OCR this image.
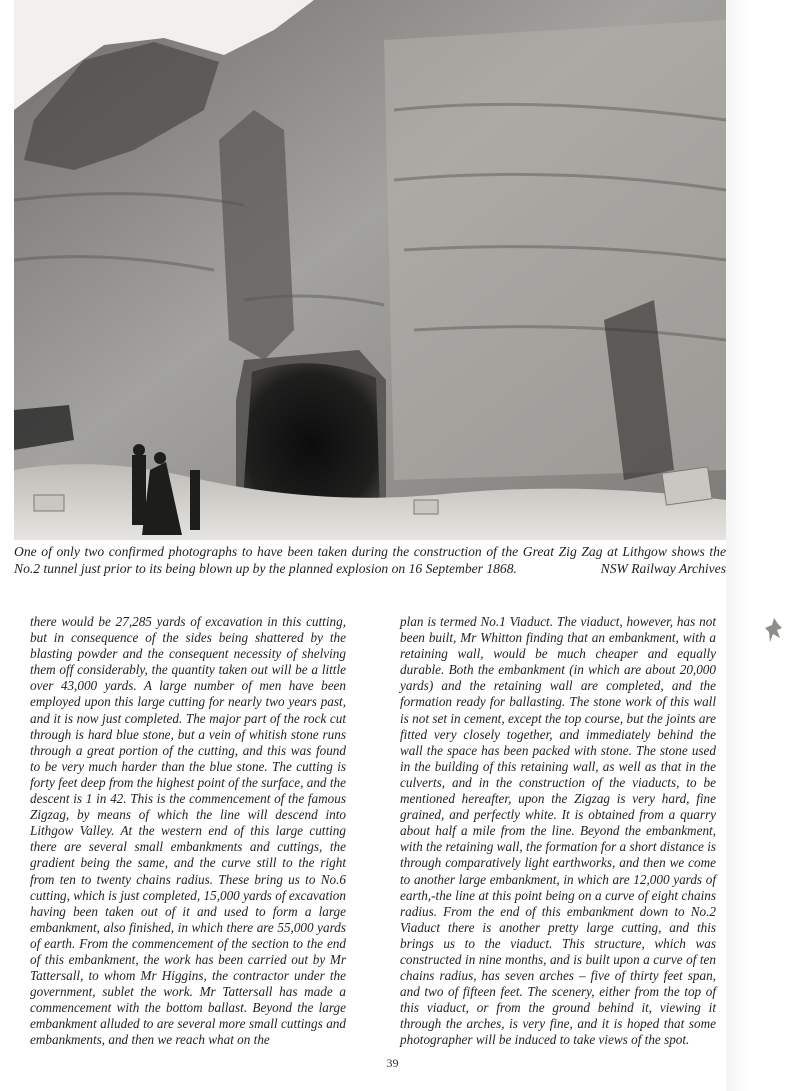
One of only two confirmed photographs to have been taken during the construction of the Great Zig Zag at Lithgow shows the No.2 tunnel just prior to its being blown up by the planned explosion on 16 September 1868.	NSW Railway Archives
there would be 27,285 yards of excavation in this cutting, but in consequence of the sides being shattered by the blasting powder and the consequent necessity of shelving them off considerably, the quantity taken out will be a little over 43,000 yards. A large number of men have been employed upon this large cutting for nearly two years past, and it is now just completed. The major part of the rock cut through is hard blue stone, but a vein of whitish stone runs through a great portion of the cutting, and this was found to be very much harder than the blue stone. The cutting is forty feet deep from the highest point of the surface, and the descent is 1 in 42. This is the commencement of the famous Zigzag, by means of which the line will descend into Lithgow Valley. At the western end of this large cutting there are several small embankments and cuttings, the gradient being the same, and the curve still to the right from ten to twenty chains radius. These bring us to No.6 cutting, which is just completed, 15,000 yards of excavation having been taken out of it and used to form a large embankment, also finished, in which there are 55,000 yards of earth. From the commencement of the section to the end of this embankment, the work has been carried out by Mr Tattersall, to whom Mr Higgins, the contractor under the government, sublet the work. Mr Tattersall has made a commencement with the bottom ballast. Beyond the large embankment alluded to are several more small cuttings and embankments, and then we reach what on the
plan is termed No.1 Viaduct. The viaduct, however, has not been built, Mr Whitton finding that an embankment, with a retaining wall, would be much cheaper and equally durable. Both the embankment (in which are about 20,000 yards) and the retaining wall are completed, and the formation ready for ballasting. The stone work of this wall is not set in cement, except the top course, but the joints are fitted very closely together, and immediately behind the wall the space has been packed with stone. The stone used in the building of this retaining wall, as well as that in the culverts, and in the construction of the viaducts, to be mentioned hereafter, upon the Zigzag is very hard, fine grained, and perfectly white. It is obtained from a quarry about half a mile from the line. Beyond the embankment, with the retaining wall, the formation for a short distance is through comparatively light earthworks, and then we come to another large embankment, in which are 12,000 yards of earth,-the line at this point being on a curve of eight chains radius. From the end of this embankment down to No.2 Viaduct there is another pretty large cutting, and this brings us to the viaduct. This structure, which was constructed in nine months, and is built upon a curve of ten chains radius, has seven arches – five of thirty feet span, and two of fifteen feet. The scenery, either from the top of this viaduct, or from the ground behind it, viewing it through the arches, is very fine, and it is hoped that some photographer will be induced to take views of the spot.
39
